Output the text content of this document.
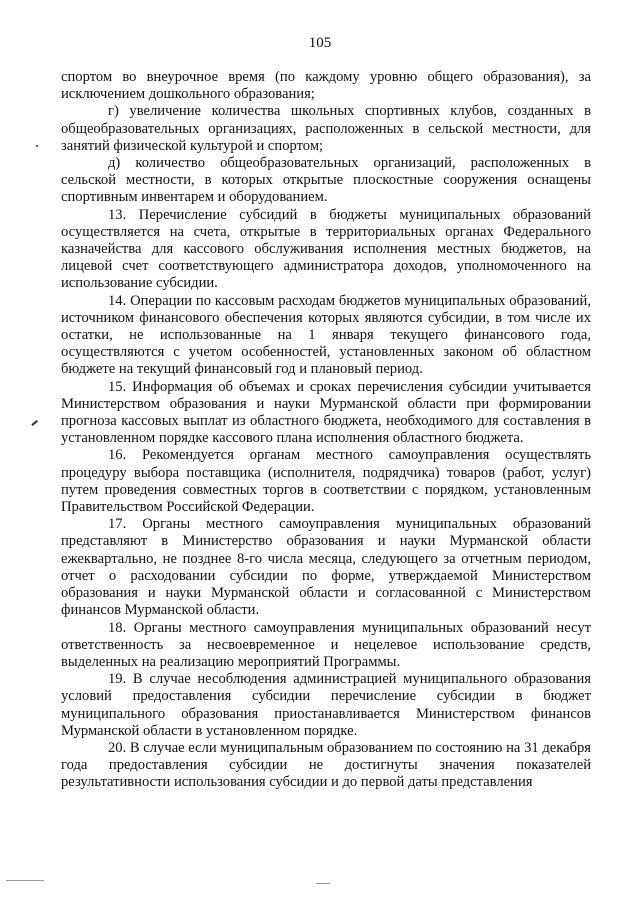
105

спортом во внеурочное время (по каждому уровню общего образования), за исключением дошкольного образования;

г) увеличение количества школьных спортивных клубов, созданных в общеобразовательных организациях, расположенных в сельской местности, для занятий физической культурой и спортом;

д) количество общеобразовательных организаций, расположенных в сельской местности, в которых открытые плоскостные сооружения оснащены спортивным инвентарем и оборудованием.

13. Перечисление субсидий в бюджеты муниципальных образований осуществляется на счета, открытые в территориальных органах Федерального казначейства для кассового обслуживания исполнения местных бюджетов, на лицевой счет соответствующего администратора доходов, уполномоченного на использование субсидии.

14. Операции по кассовым расходам бюджетов муниципальных образований, источником финансового обеспечения которых являются субсидии, в том числе их остатки, не использованные на 1 января текущего финансового года, осуществляются с учетом особенностей, установленных законом об областном бюджете на текущий финансовый год и плановый период.

15. Информация об объемах и сроках перечисления субсидии учитывается Министерством образования и науки Мурманской области при формировании прогноза кассовых выплат из областного бюджета, необходимого для составления в установленном порядке кассового плана исполнения областного бюджета.

16. Рекомендуется органам местного самоуправления осуществлять процедуру выбора поставщика (исполнителя, подрядчика) товаров (работ, услуг) путем проведения совместных торгов в соответствии с порядком, установленным Правительством Российской Федерации.

17. Органы местного самоуправления муниципальных образований представляют в Министерство образования и науки Мурманской области ежеквартально, не позднее 8-го числа месяца, следующего за отчетным периодом, отчет о расходовании субсидии по форме, утверждаемой Министерством образования и науки Мурманской области и согласованной с Министерством финансов Мурманской области.

18. Органы местного самоуправления муниципальных образований несут ответственность за несвоевременное и нецелевое использование средств, выделенных на реализацию мероприятий Программы.

19. В случае несоблюдения администрацией муниципального образования условий предоставления субсидии перечисление субсидии в бюджет муниципального образования приостанавливается Министерством финансов Мурманской области в установленном порядке.

20. В случае если муниципальным образованием по состоянию на 31 декабря года предоставления субсидии не достигнуты значения показателей результативности использования субсидии и до первой даты представления
